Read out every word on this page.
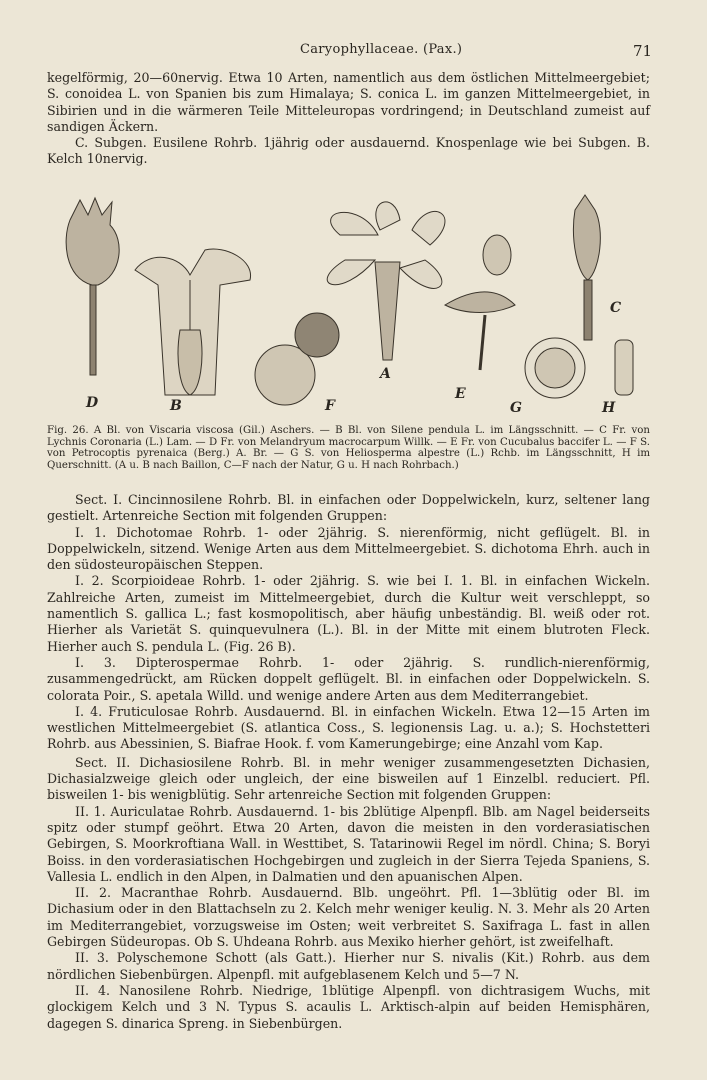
Caryophyllaceae. (Pax.)	71

kegelförmig, 20—60nervig. Etwa 10 Arten, namentlich aus dem östlichen Mittelmeergebiet; S. conoidea L. von Spanien bis zum Himalaya; S. conica L. im ganzen Mittelmeergebiet, in Sibirien und in die wärmeren Teile Mitteleuropas vordringend; in Deutschland zumeist auf sandigen Äckern.

C. Subgen. Eusilene Rohrb. 1jährig oder ausdauernd. Knospenlage wie bei Subgen. B. Kelch 10nervig.

D	B	F
A
E
G	H
C

Fig. 26. A Bl. von Viscaria viscosa (Gil.) Aschers. — B Bl. von Silene pendula L. im Längsschnitt. — C Fr. von Lychnis Coronaria (L.) Lam. — D Fr. von Melandryum macrocarpum Willk. — E Fr. von Cucubalus baccifer L. — F S. von Petrocoptis pyrenaica (Berg.) A. Br. — G S. von Heliosperma alpestre (L.) Rchb. im Längsschnitt, H im Querschnitt. (A u. B nach Baillon, C—F nach der Natur, G u. H nach Rohrbach.)

Sect. I. Cincinnosilene Rohrb. Bl. in einfachen oder Doppelwickeln, kurz, seltener lang gestielt. Artenreiche Section mit folgenden Gruppen:

I. 1. Dichotomae Rohrb. 1- oder 2jährig. S. nierenförmig, nicht geflügelt. Bl. in Doppelwickeln, sitzend. Wenige Arten aus dem Mittelmeergebiet. S. dichotoma Ehrh. auch in den südosteuropäischen Steppen.

I. 2. Scorpioideae Rohrb. 1- oder 2jährig. S. wie bei I. 1. Bl. in einfachen Wickeln. Zahlreiche Arten, zumeist im Mittelmeergebiet, durch die Kultur weit verschleppt, so namentlich S. gallica L.; fast kosmopolitisch, aber häufig unbeständig. Bl. weiß oder rot. Hierher als Varietät S. quinquevulnera (L.). Bl. in der Mitte mit einem blutroten Fleck. Hierher auch S. pendula L. (Fig. 26 B).

I. 3. Dipterospermae Rohrb. 1- oder 2jährig. S. rundlich-nierenförmig, zusammengedrückt, am Rücken doppelt geflügelt. Bl. in einfachen oder Doppelwickeln. S. colorata Poir., S. apetala Willd. und wenige andere Arten aus dem Mediterrangebiet.

I. 4. Fruticulosae Rohrb. Ausdauernd. Bl. in einfachen Wickeln. Etwa 12—15 Arten im westlichen Mittelmeergebiet (S. atlantica Coss., S. legionensis Lag. u. a.); S. Hochstetteri Rohrb. aus Abessinien, S. Biafrae Hook. f. vom Kamerungebirge; eine Anzahl vom Kap.

Sect. II. Dichasiosilene Rohrb. Bl. in mehr weniger zusammengesetzten Dichasien, Dichasialzweige gleich oder ungleich, der eine bisweilen auf 1 Einzelbl. reduciert. Pfl. bisweilen 1- bis wenigblütig. Sehr artenreiche Section mit folgenden Gruppen:

II. 1. Auriculatae Rohrb. Ausdauernd. 1- bis 2blütige Alpenpfl. Blb. am Nagel beiderseits spitz oder stumpf geöhrt. Etwa 20 Arten, davon die meisten in den vorderasiatischen Gebirgen, S. Moorkroftiana Wall. in Westtibet, S. Tatarinowii Regel im nördl. China; S. Boryi Boiss. in den vorderasiatischen Hochgebirgen und zugleich in der Sierra Tejeda Spaniens, S. Vallesia L. endlich in den Alpen, in Dalmatien und den apuanischen Alpen.

II. 2. Macranthae Rohrb. Ausdauernd. Blb. ungeöhrt. Pfl. 1—3blütig oder Bl. im Dichasium oder in den Blattachseln zu 2. Kelch mehr weniger keulig. N. 3. Mehr als 20 Arten im Mediterrangebiet, vorzugsweise im Osten; weit verbreitet S. Saxifraga L. fast in allen Gebirgen Südeuropas. Ob S. Uhdeana Rohrb. aus Mexiko hierher gehört, ist zweifelhaft.

II. 3. Polyschemone Schott (als Gatt.). Hierher nur S. nivalis (Kit.) Rohrb. aus dem nördlichen Siebenbürgen. Alpenpfl. mit aufgeblasenem Kelch und 5—7 N.

II. 4. Nanosilene Rohrb. Niedrige, 1blütige Alpenpfl. von dichtrasigem Wuchs, mit glockigem Kelch und 3 N. Typus S. acaulis L. Arktisch-alpin auf beiden Hemisphären, dagegen S. dinarica Spreng. in Siebenbürgen.
